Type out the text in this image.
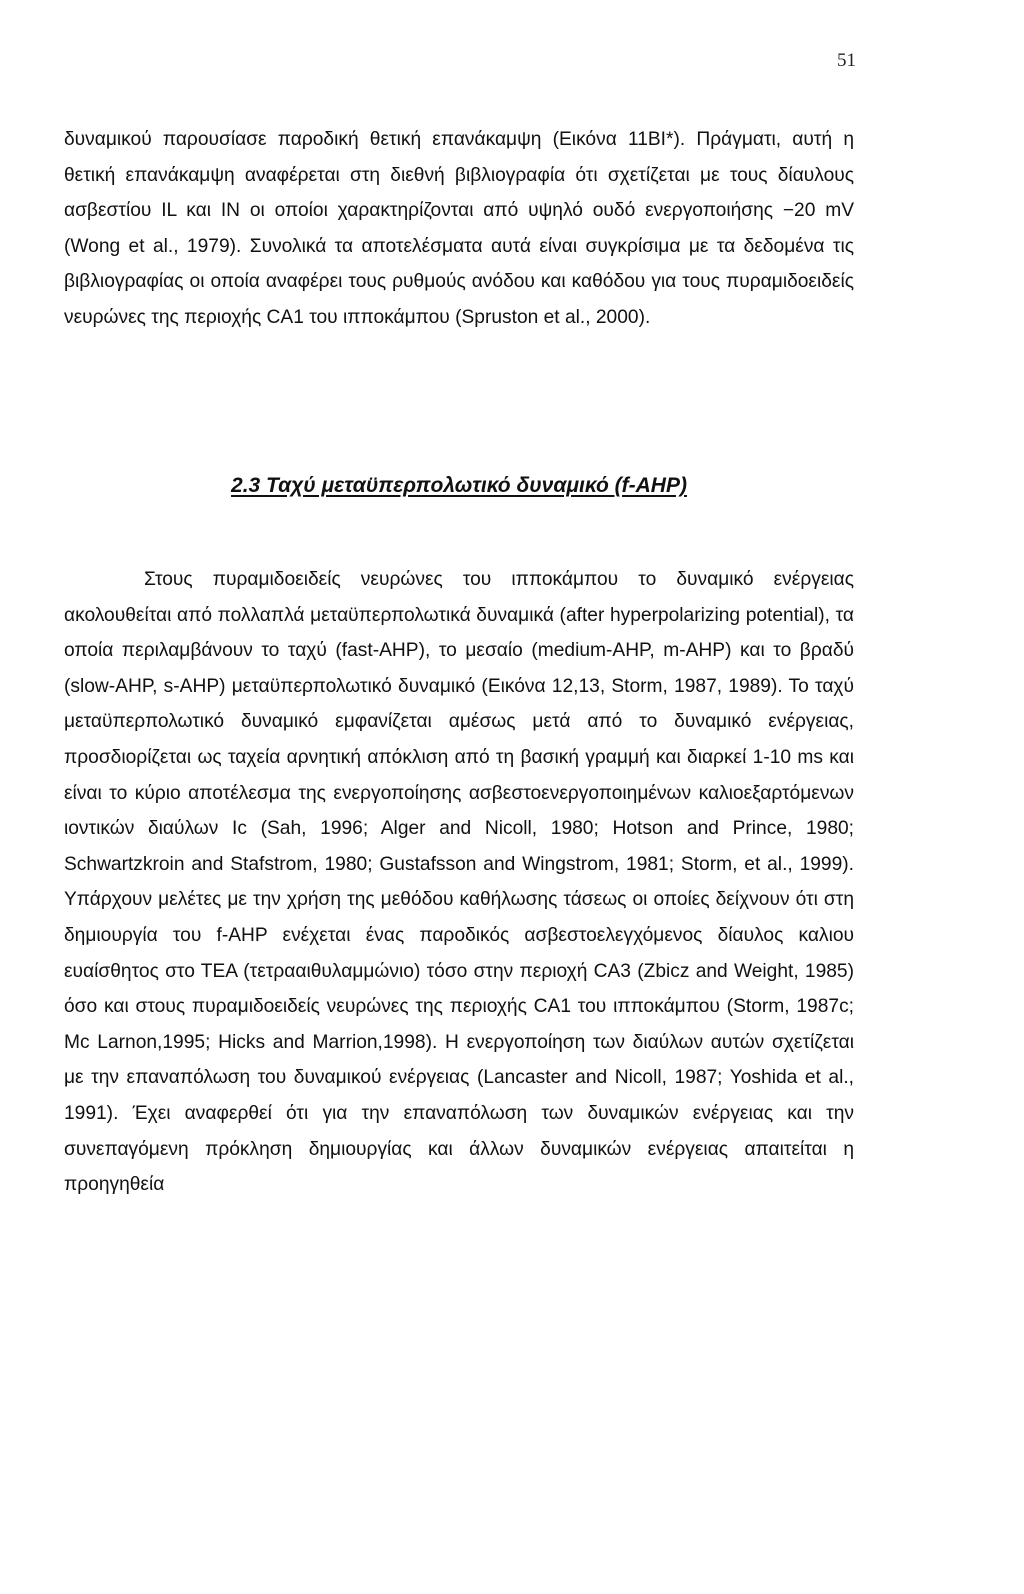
51

δυναμικού παρουσίασε παροδική θετική επανάκαμψη (Εικόνα 11ΒΙ*). Πράγματι, αυτή η θετική επανάκαμψη αναφέρεται στη διεθνή βιβλιογραφία ότι σχετίζεται με τους δίαυλους ασβεστίου IL και IN οι οποίοι χαρακτηρίζονται από υψηλό ουδό ενεργοποιήσης −20 mV (Wong et al., 1979). Συνολικά τα αποτελέσματα αυτά είναι συγκρίσιμα με τα δεδομένα τις βιβλιογραφίας οι οποία αναφέρει τους ρυθμούς ανόδου και καθόδου για τους πυραμιδοειδείς νευρώνες της περιοχής CA1 του ιπποκάμπου (Spruston et al., 2000).

2.3 Ταχύ μεταϋπερπολωτικό δυναμικό (f-AHP)

Στους πυραμιδοειδείς νευρώνες του ιπποκάμπου το δυναμικό ενέργειας ακολουθείται από πολλαπλά μεταϋπερπολωτικά δυναμικά (after hyperpolarizing potential), τα οποία περιλαμβάνουν το ταχύ (fast-AHP), το μεσαίο (medium-AHP, m-AHP) και το βραδύ (slow-AHP, s-AHP) μεταϋπερπολωτικό δυναμικό (Εικόνα 12,13, Storm, 1987, 1989). Το ταχύ μεταϋπερπολωτικό δυναμικό εμφανίζεται αμέσως μετά από το δυναμικό ενέργειας, προσδιορίζεται ως ταχεία αρνητική απόκλιση από τη βασική γραμμή και διαρκεί 1-10 ms και είναι το κύριο αποτέλεσμα της ενεργοποίησης ασβεστοενεργοποιημένων καλιοεξαρτόμενων ιοντικών διαύλων Ic (Sah, 1996; Alger and Nicoll, 1980; Hotson and Prince, 1980; Schwartzkroin and Stafstrom, 1980; Gustafsson and Wingstrom, 1981; Storm, et al., 1999). Υπάρχουν μελέτες με την χρήση της μεθόδου καθήλωσης τάσεως οι οποίες δείχνουν ότι στη δημιουργία του f-AHP ενέχεται ένας παροδικός ασβεστοελεγχόμενος δίαυλος καλιου ευαίσθητος στο ΤΕΑ (τετρααιθυλαμμώνιο) τόσο στην περιοχή CA3 (Zbicz and Weight, 1985) όσο και στους πυραμιδοειδείς νευρώνες της περιοχής CA1 του ιπποκάμπου (Storm, 1987c; Mc Larnon,1995; Hicks and Marrion,1998). Η ενεργοποίηση των διαύλων αυτών σχετίζεται με την επαναπόλωση του δυναμικού ενέργειας (Lancaster and Nicoll, 1987; Yoshida et al., 1991). Έχει αναφερθεί ότι για την επαναπόλωση των δυναμικών ενέργειας και την συνεπαγόμενη πρόκληση δημιουργίας και άλλων δυναμικών ενέργειας απαιτείται η προηγηθεία
